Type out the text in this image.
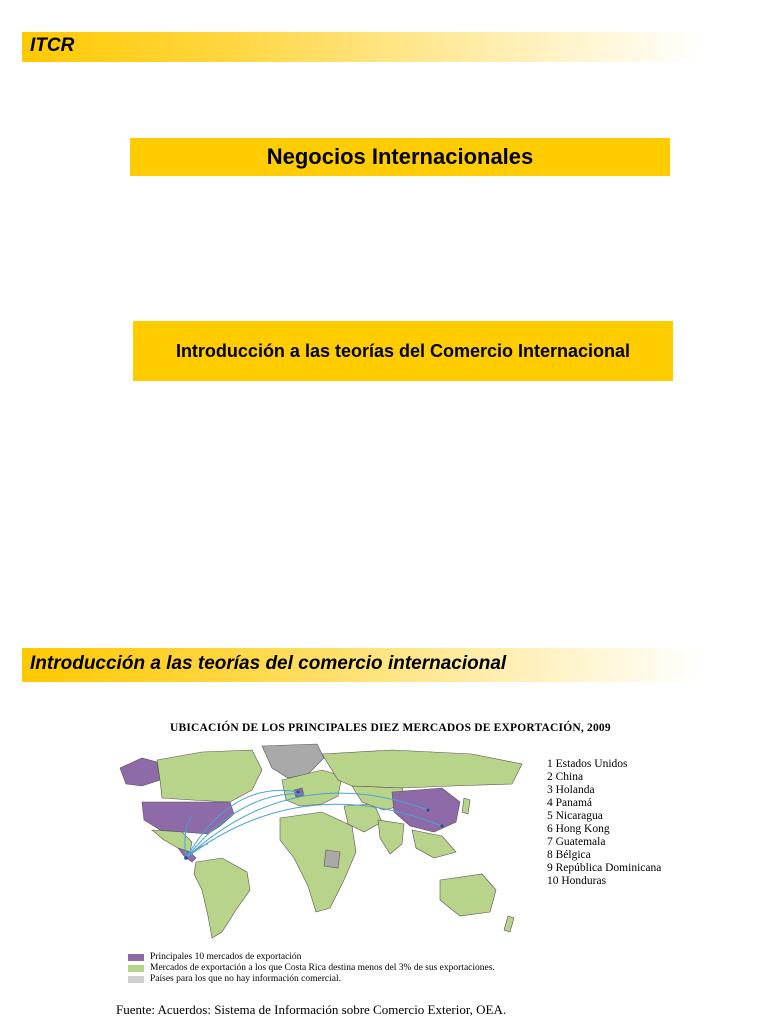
ITCR
Negocios Internacionales
Introducción a las teorías del Comercio Internacional
Introducción a las teorías del comercio internacional
UBICACIÓN DE LOS PRINCIPALES DIEZ MERCADOS DE EXPORTACIÓN, 2009
1 Estados Unidos
2 China
3 Holanda
4 Panamá
5 Nicaragua
6 Hong Kong
7 Guatemala
8 Bélgica
9 República Dominicana
10 Honduras
Principales 10 mercados de exportación
Mercados de exportación a los que Costa Rica destina menos del 3% de sus exportaciones.
Países para los que no hay información comercial.
Fuente: Acuerdos: Sistema de Información sobre Comercio Exterior, OEA.
